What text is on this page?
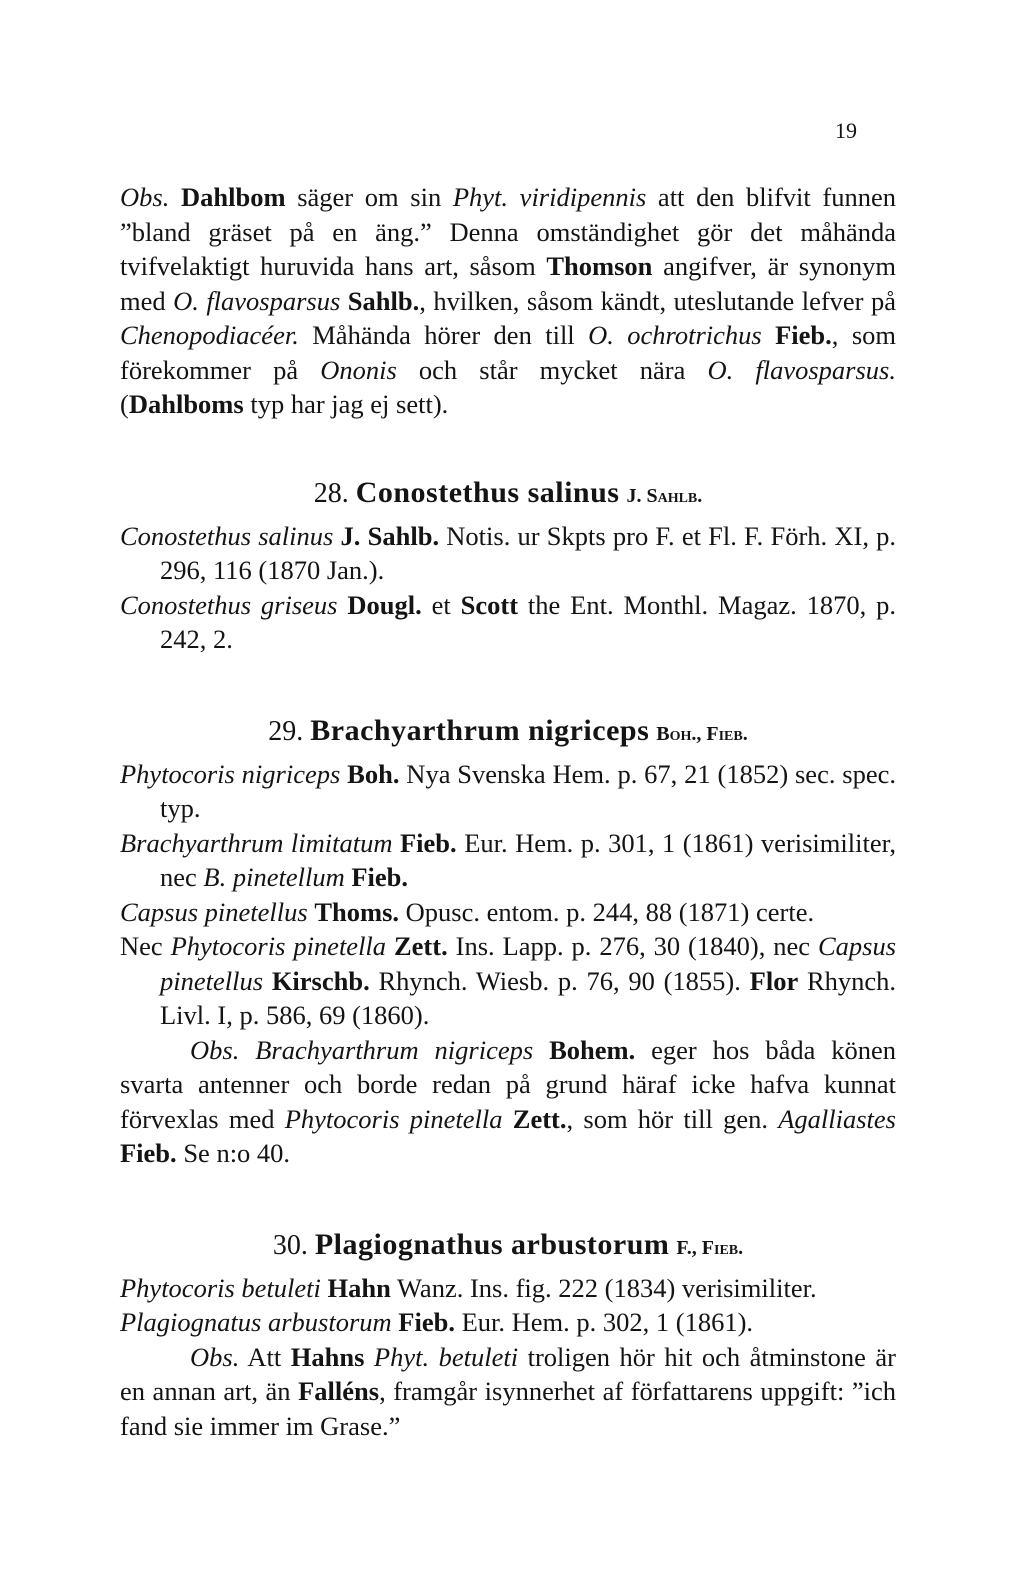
19

Obs. Dahlbom säger om sin Phyt. viridipennis att den blifvit funnen ”bland gräset på en äng.” Denna omständighet gör det måhända tvifvelaktigt huruvida hans art, såsom Thomson angifver, är synonym med O. flavosparsus Sahlb., hvilken, såsom kändt, uteslutande lefver på Chenopodiacéer. Måhända hörer den till O. ochrotrichus Fieb., som förekommer på Ononis och står mycket nära O. flavosparsus. (Dahlboms typ har jag ej sett).

28. Conostethus salinus J. Sahlb.

Conostethus salinus J. Sahlb. Notis. ur Skpts pro F. et Fl. F. Förh. XI, p. 296, 116 (1870 Jan.).

Conostethus griseus Dougl. et Scott the Ent. Monthl. Magaz. 1870, p. 242, 2.

29. Brachyarthrum nigriceps Boh., Fieb.

Phytocoris nigriceps Boh. Nya Svenska Hem. p. 67, 21 (1852) sec. spec. typ.

Brachyarthrum limitatum Fieb. Eur. Hem. p. 301, 1 (1861) verisimiliter, nec B. pinetellum Fieb.

Capsus pinetellus Thoms. Opusc. entom. p. 244, 88 (1871) certe.

Nec Phytocoris pinetella Zett. Ins. Lapp. p. 276, 30 (1840), nec Capsus pinetellus Kirschb. Rhynch. Wiesb. p. 76, 90 (1855). Flor Rhynch. Livl. I, p. 586, 69 (1860).

Obs. Brachyarthrum nigriceps Bohem. eger hos båda könen svarta antenner och borde redan på grund häraf icke hafva kunnat förvexlas med Phytocoris pinetella Zett., som hör till gen. Agalliastes Fieb. Se n:o 40.

30. Plagiognathus arbustorum F., Fieb.

Phytocoris betuleti Hahn Wanz. Ins. fig. 222 (1834) verisimiliter.

Plagiognatus arbustorum Fieb. Eur. Hem. p. 302, 1 (1861).

Obs. Att Hahns Phyt. betuleti troligen hör hit och åtminstone är en annan art, än Falléns, framgår isynnerhet af författarens uppgift: ”ich fand sie immer im Grase.”
